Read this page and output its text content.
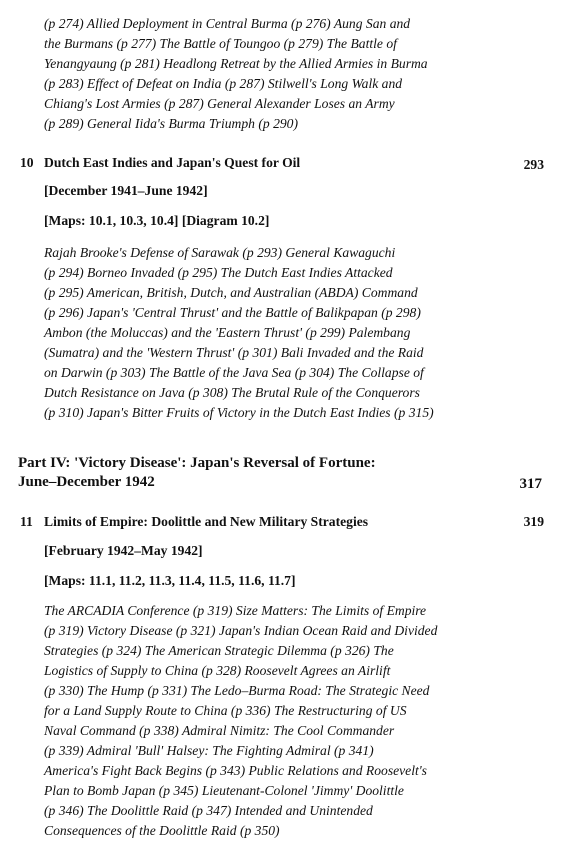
(p 274) Allied Deployment in Central Burma (p 276) Aung San and
the Burmans (p 277) The Battle of Toungoo (p 279) The Battle of
Yenangyaung (p 281) Headlong Retreat by the Allied Armies in Burma
(p 283) Effect of Defeat on India (p 287) Stilwell's Long Walk and
Chiang's Lost Armies (p 287) General Alexander Loses an Army
(p 289) General Iida's Burma Triumph (p 290)
10 Dutch East Indies and Japan's Quest for Oil	293
[December 1941–June 1942]
[Maps: 10.1, 10.3, 10.4] [Diagram 10.2]
Rajah Brooke's Defense of Sarawak (p 293) General Kawaguchi
(p 294) Borneo Invaded (p 295) The Dutch East Indies Attacked
(p 295) American, British, Dutch, and Australian (ABDA) Command
(p 296) Japan's 'Central Thrust' and the Battle of Balikpapan (p 298)
Ambon (the Moluccas) and the 'Eastern Thrust' (p 299) Palembang
(Sumatra) and the 'Western Thrust' (p 301) Bali Invaded and the Raid
on Darwin (p 303) The Battle of the Java Sea (p 304) The Collapse of
Dutch Resistance on Java (p 308) The Brutal Rule of the Conquerors
(p 310) Japan's Bitter Fruits of Victory in the Dutch East Indies (p 315)
Part IV: 'Victory Disease': Japan's Reversal of Fortune:
June–December 1942	317
11 Limits of Empire: Doolittle and New Military Strategies	319
[February 1942–May 1942]
[Maps: 11.1, 11.2, 11.3, 11.4, 11.5, 11.6, 11.7]
The ARCADIA Conference (p 319) Size Matters: The Limits of Empire
(p 319) Victory Disease (p 321) Japan's Indian Ocean Raid and Divided
Strategies (p 324) The American Strategic Dilemma (p 326) The
Logistics of Supply to China (p 328) Roosevelt Agrees an Airlift
(p 330) The Hump (p 331) The Ledo–Burma Road: The Strategic Need
for a Land Supply Route to China (p 336) The Restructuring of US
Naval Command (p 338) Admiral Nimitz: The Cool Commander
(p 339) Admiral 'Bull' Halsey: The Fighting Admiral (p 341)
America's Fight Back Begins (p 343) Public Relations and Roosevelt's
Plan to Bomb Japan (p 345) Lieutenant-Colonel 'Jimmy' Doolittle
(p 346) The Doolittle Raid (p 347) Intended and Unintended
Consequences of the Doolittle Raid (p 350)
